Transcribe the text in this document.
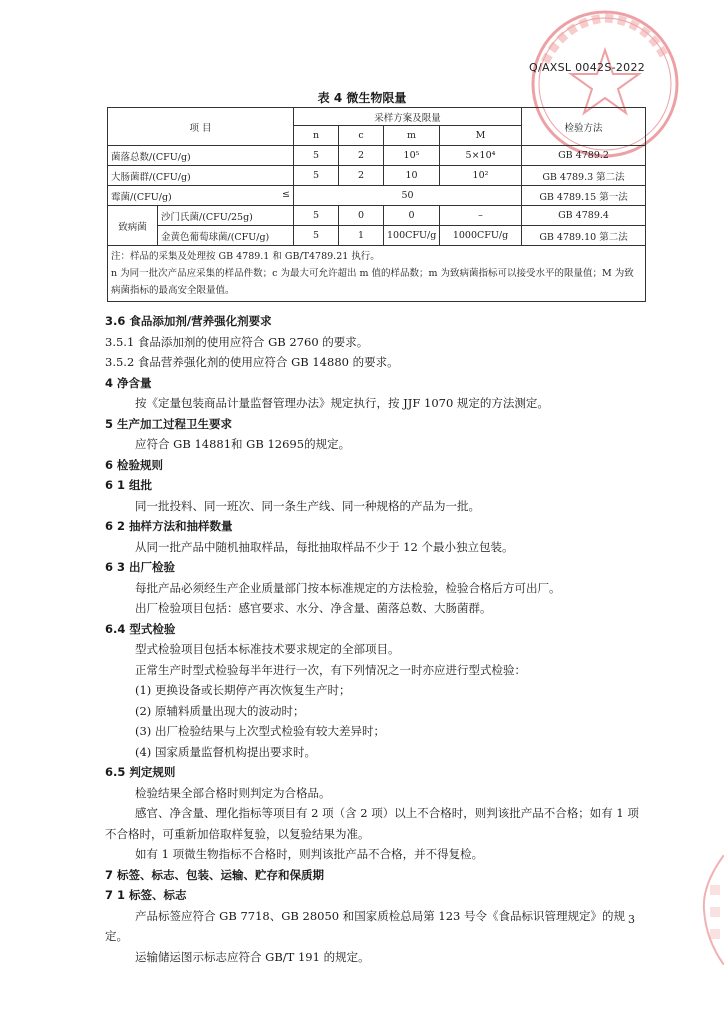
Q/AXSL 0042S-2022
表 4 微生物限量
项 目		采样方案及限量				检验方法
		n	c	m	M	
菌落总数/(CFU/g)		5	2	10⁵	5×10⁴	GB 4789.2
大肠菌群/(CFU/g)		5	2	10	10²	GB 4789.3 第二法
霉菌/(CFU/g) ≤		50				GB 4789.15 第一法
致病菌	沙门氏菌/(CFU/25g)	5	0	0	–	GB 4789.4
	金黄色葡萄球菌/(CFU/g)	5	1	100CFU/g	1000CFU/g	GB 4789.10 第二法

注：样品的采集及处理按 GB 4789.1 和 GB/T4789.21 执行。
n 为同一批次产品应采集的样品件数；c 为最大可允许超出 m 值的样品数；m 为致病菌指标可以接受水平的限量值；M 为致病菌指标的最高安全限量值。						

3.6 食品添加剂/营养强化剂要求

3.5.1 食品添加剂的使用应符合 GB 2760 的要求。

3.5.2 食品营养强化剂的使用应符合 GB 14880 的要求。

4 净含量

按《定量包装商品计量监督管理办法》规定执行，按 JJF 1070 规定的方法测定。

5 生产加工过程卫生要求

应符合 GB 14881和 GB 12695的规定。

6 检验规则

6 1 组批

同一批投料、同一班次、同一条生产线、同一种规格的产品为一批。

6 2 抽样方法和抽样数量

从同一批产品中随机抽取样品，每批抽取样品不少于 12 个最小独立包装。

6 3 出厂检验

每批产品必须经生产企业质量部门按本标准规定的方法检验，检验合格后方可出厂。

出厂检验项目包括：感官要求、水分、净含量、菌落总数、大肠菌群。

6.4 型式检验

型式检验项目包括本标准技术要求规定的全部项目。

正常生产时型式检验每半年进行一次，有下列情况之一时亦应进行型式检验：

(1) 更换设备或长期停产再次恢复生产时；

(2) 原辅料质量出现大的波动时；

(3) 出厂检验结果与上次型式检验有较大差异时；

(4) 国家质量监督机构提出要求时。

6.5 判定规则

检验结果全部合格时则判定为合格品。

感官、净含量、理化指标等项目有 2 项（含 2 项）以上不合格时，则判该批产品不合格；如有 1 项不合格时，可重新加倍取样复验，以复验结果为准。

如有 1 项微生物指标不合格时，则判该批产品不合格，并不得复检。

7 标签、标志、包装、运输、贮存和保质期

7 1 标签、标志

产品标签应符合 GB 7718、GB 28050 和国家质检总局第 123 号令《食品标识管理规定》的规定。

运输储运图示标志应符合 GB/T 191 的规定。

3
